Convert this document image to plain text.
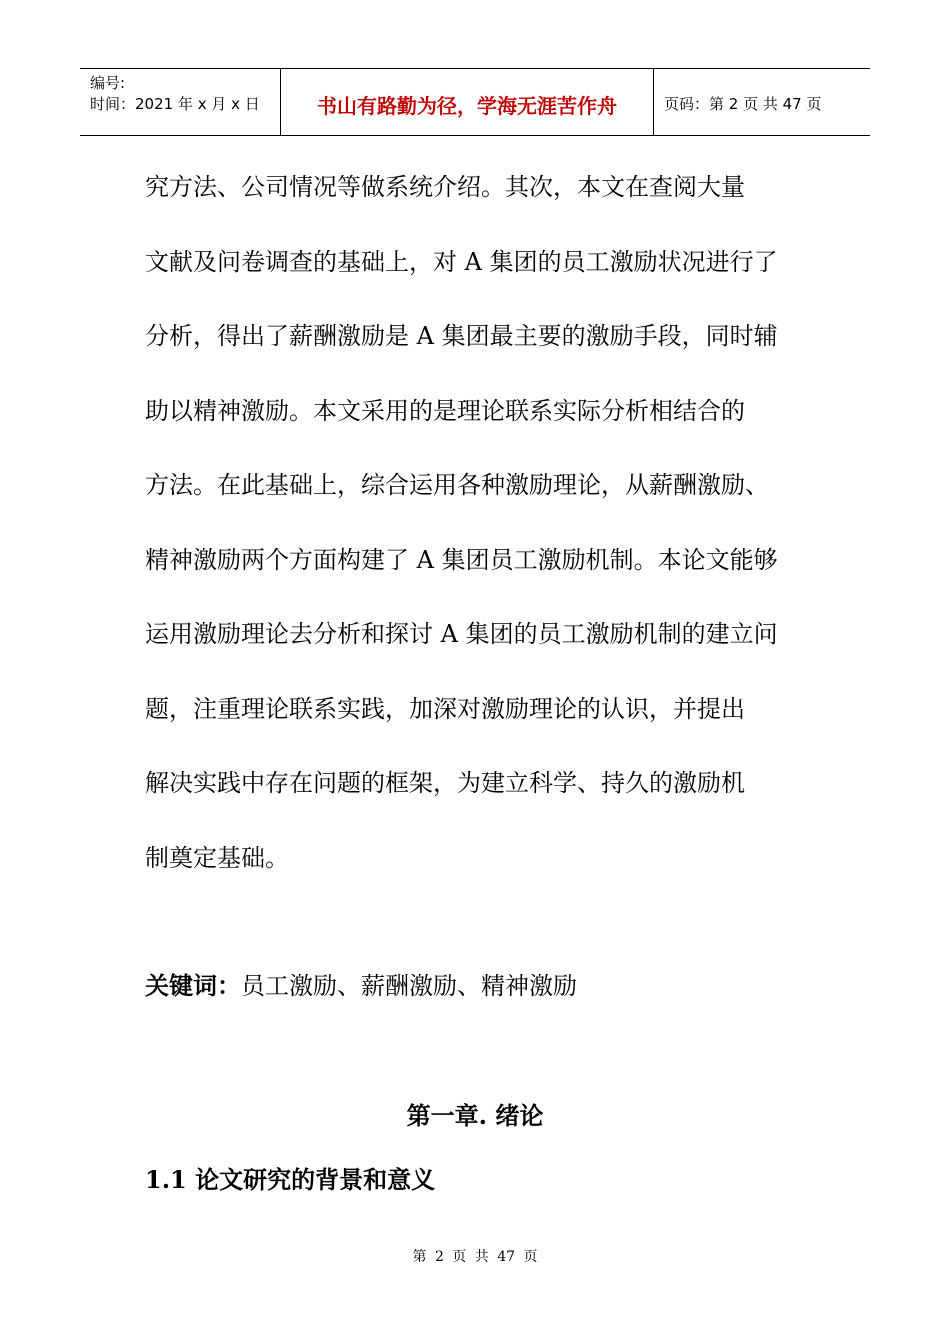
编号:
时间：2021 年 x 月 x 日	书山有路勤为径，学海无涯苦作舟	页码：第 2 页 共 47 页
究方法、公司情况等做系统介绍。其次，本文在查阅大量
文献及问卷调查的基础上，对 A 集团的员工激励状况进行了
分析，得出了薪酬激励是 A 集团最主要的激励手段，同时辅
助以精神激励。本文采用的是理论联系实际分析相结合的
方法。在此基础上，综合运用各种激励理论，从薪酬激励、
精神激励两个方面构建了 A 集团员工激励机制。本论文能够
运用激励理论去分析和探讨 A 集团的员工激励机制的建立问
题，注重理论联系实践，加深对激励理论的认识，并提出
解决实践中存在问题的框架，为建立科学、持久的激励机
制奠定基础。
关键词：员工激励、薪酬激励、精神激励
第一章. 绪论
1.1 论文研究的背景和意义
第 2 页 共 47 页
